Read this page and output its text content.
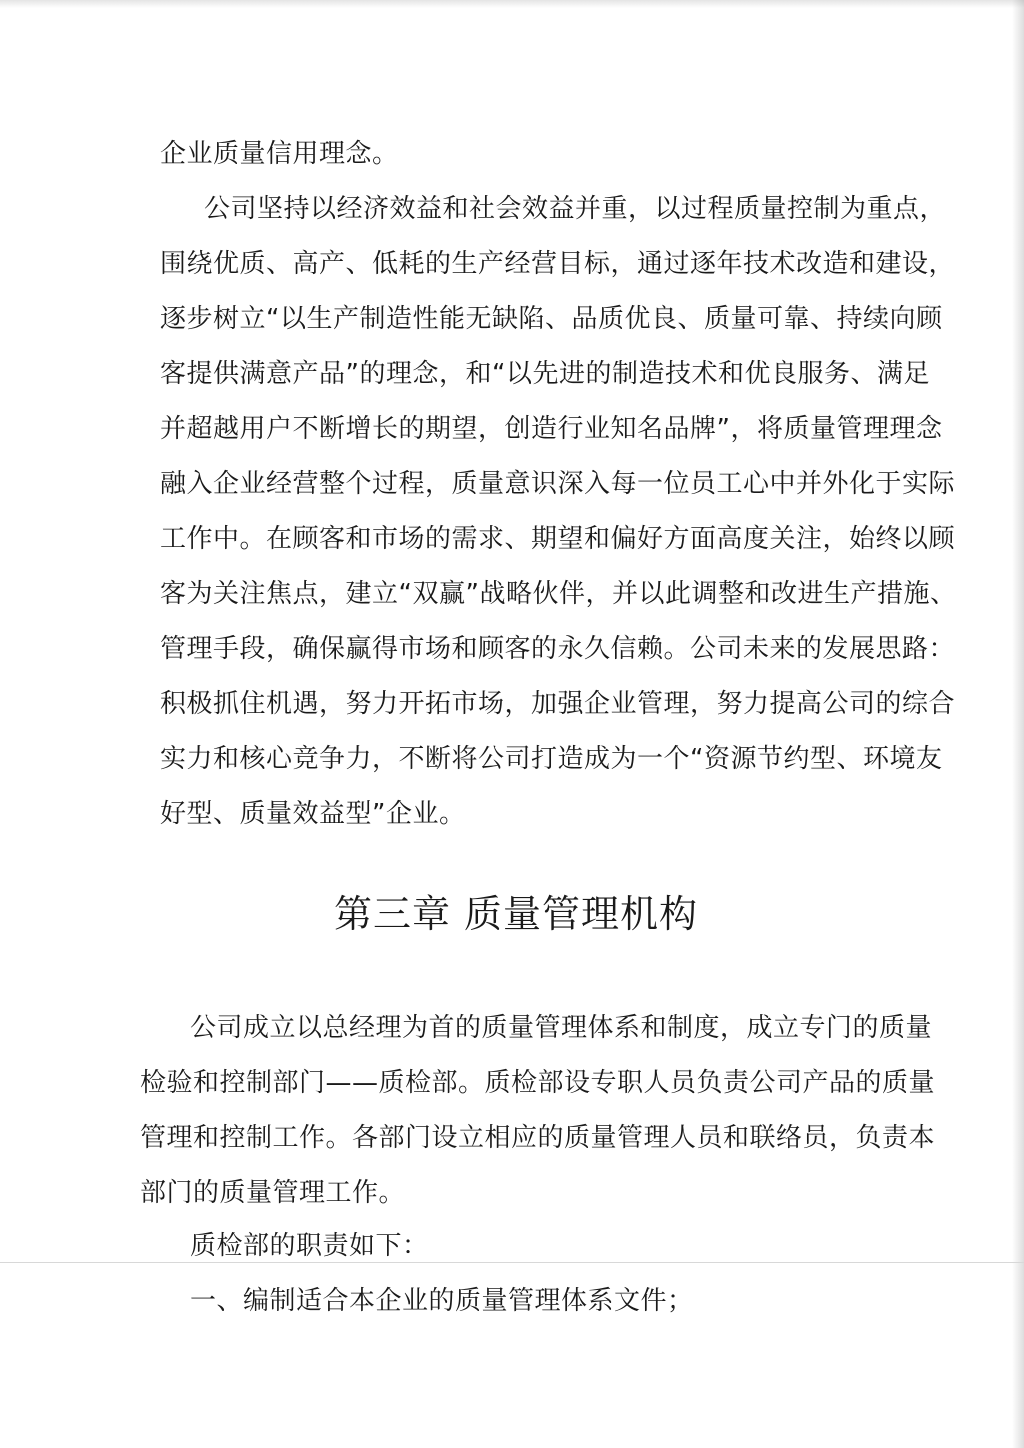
企业质量信用理念。
公司坚持以经济效益和社会效益并重，以过程质量控制为重点，
围绕优质、高产、低耗的生产经营目标，通过逐年技术改造和建设，
逐步树立“以生产制造性能无缺陷、品质优良、质量可靠、持续向顾
客提供满意产品”的理念，和“以先进的制造技术和优良服务、满足
并超越用户不断增长的期望，创造行业知名品牌”，将质量管理理念
融入企业经营整个过程，质量意识深入每一位员工心中并外化于实际
工作中。在顾客和市场的需求、期望和偏好方面高度关注，始终以顾
客为关注焦点，建立“双赢”战略伙伴，并以此调整和改进生产措施、
管理手段，确保赢得市场和顾客的永久信赖。公司未来的发展思路：
积极抓住机遇，努力开拓市场，加强企业管理，努力提高公司的综合
实力和核心竞争力，不断将公司打造成为一个“资源节约型、环境友
好型、质量效益型”企业。
第三章 质量管理机构
公司成立以总经理为首的质量管理体系和制度，成立专门的质量
检验和控制部门——质检部。质检部设专职人员负责公司产品的质量
管理和控制工作。各部门设立相应的质量管理人员和联络员，负责本
部门的质量管理工作。
质检部的职责如下：
一、编制适合本企业的质量管理体系文件；
